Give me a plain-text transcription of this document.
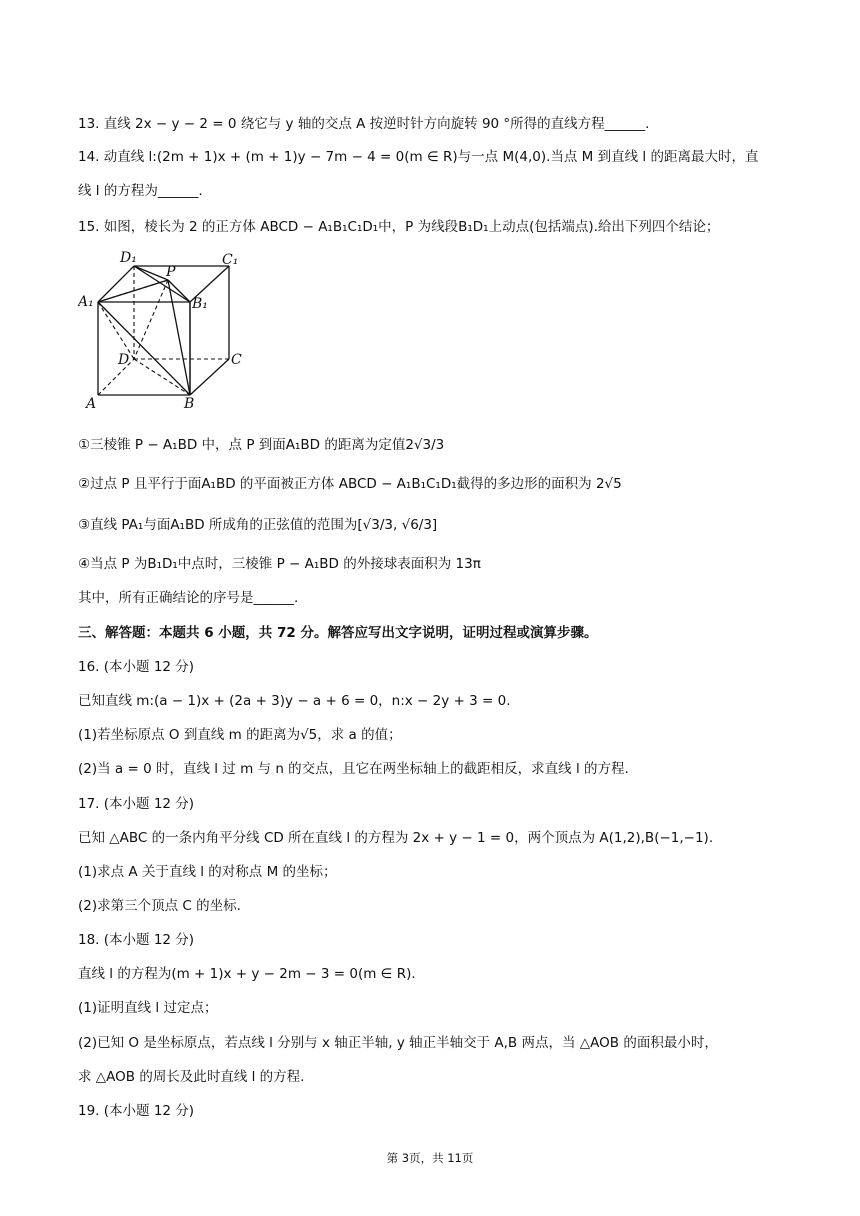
13. 直线 2x − y − 2 = 0 绕它与 y 轴的交点 A 按逆时针方向旋转 90 °所得的直线方程______.
14. 动直线 l:(2m + 1)x + (m + 1)y − 7m − 4 = 0(m ∈ R)与一点 M(4,0).当点 M 到直线 l 的距离最大时，直
线 l 的方程为______.
15. 如图，棱长为 2 的正方体 ABCD − A₁B₁C₁D₁中，P 为线段B₁D₁上动点(包括端点).给出下列四个结论；
D₁	C₁
P
A₁	B₁
D	C
A	B
①三棱锥 P − A₁BD 中，点 P 到面A₁BD 的距离为定值2√3/3
②过点 P 且平行于面A₁BD 的平面被正方体 ABCD − A₁B₁C₁D₁截得的多边形的面积为 2√5
③直线 PA₁与面A₁BD 所成角的正弦值的范围为[√3/3, √6/3]
④当点 P 为B₁D₁中点时，三棱锥 P − A₁BD 的外接球表面积为 13π
其中，所有正确结论的序号是______.
三、解答题：本题共 6 小题，共 72 分。解答应写出文字说明，证明过程或演算步骤。
16. (本小题 12 分)
已知直线 m:(a − 1)x + (2a + 3)y − a + 6 = 0，n:x − 2y + 3 = 0.
(1)若坐标原点 O 到直线 m 的距离为√5，求 a 的值；
(2)当 a = 0 时，直线 l 过 m 与 n 的交点，且它在两坐标轴上的截距相反，求直线 l 的方程.
17. (本小题 12 分)
已知 △ABC 的一条内角平分线 CD 所在直线 l 的方程为 2x + y − 1 = 0，两个顶点为 A(1,2),B(−1,−1).
(1)求点 A 关于直线 l 的对称点 M 的坐标；
(2)求第三个顶点 C 的坐标.
18. (本小题 12 分)
直线 l 的方程为(m + 1)x + y − 2m − 3 = 0(m ∈ R).
(1)证明直线 l 过定点；
(2)已知 O 是坐标原点，若点线 l 分别与 x 轴正半轴, y 轴正半轴交于 A,B 两点，当 △AOB 的面积最小时，
求 △AOB 的周长及此时直线 l 的方程.
19. (本小题 12 分)
第 3页，共 11页
